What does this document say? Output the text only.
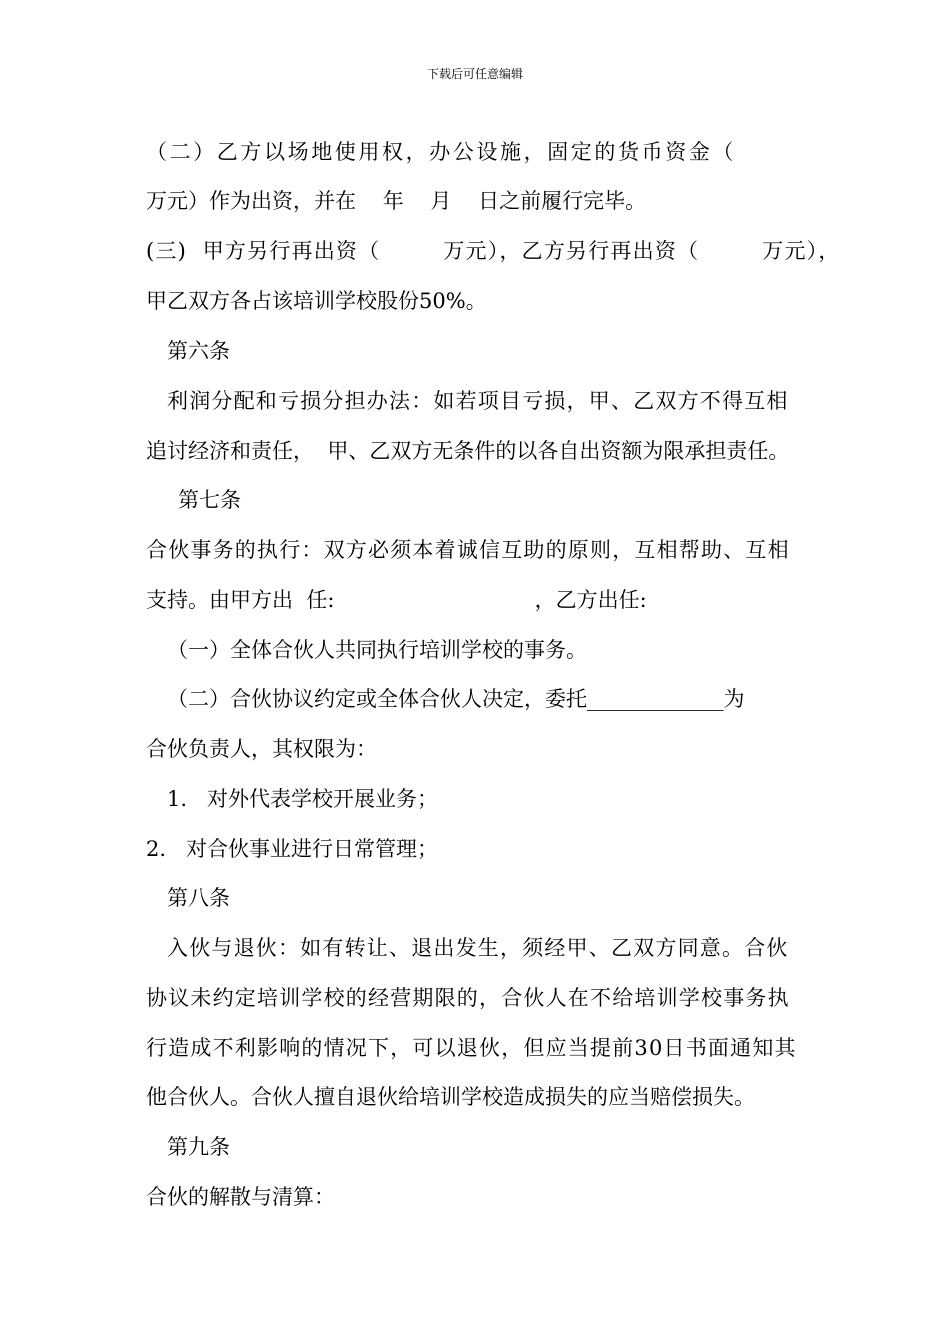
下载后可任意编辑
（二）乙方以场地使用权，办公设施，固定的货币资金（
万元）作为出资，并在    年    月    日之前履行完毕。
(三)  甲方另行再出资（        万元），乙方另行再出资（        万元），
甲乙双方各占该培训学校股份50%。
第六条
利润分配和亏损分担办法：如若项目亏损，甲、乙双方不得互相
追讨经济和责任，  甲、乙双方无条件的以各自出资额为限承担责任。
第七条
合伙事务的执行：双方必须本着诚信互助的原则，互相帮助、互相
支持。由甲方出  任:                              ，乙方出任:
（一）全体合伙人共同执行培训学校的事务。
（二）合伙协议约定或全体合伙人决定，委托_____________为
合伙负责人，其权限为：
1.   对外代表学校开展业务；
2.   对合伙事业进行日常管理；
第八条
入伙与退伙：如有转让、退出发生，须经甲、乙双方同意。合伙
协议未约定培训学校的经营期限的，合伙人在不给培训学校事务执
行造成不利影响的情况下，可以退伙，但应当提前30日书面通知其
他合伙人。合伙人擅自退伙给培训学校造成损失的应当赔偿损失。
第九条
合伙的解散与清算：
